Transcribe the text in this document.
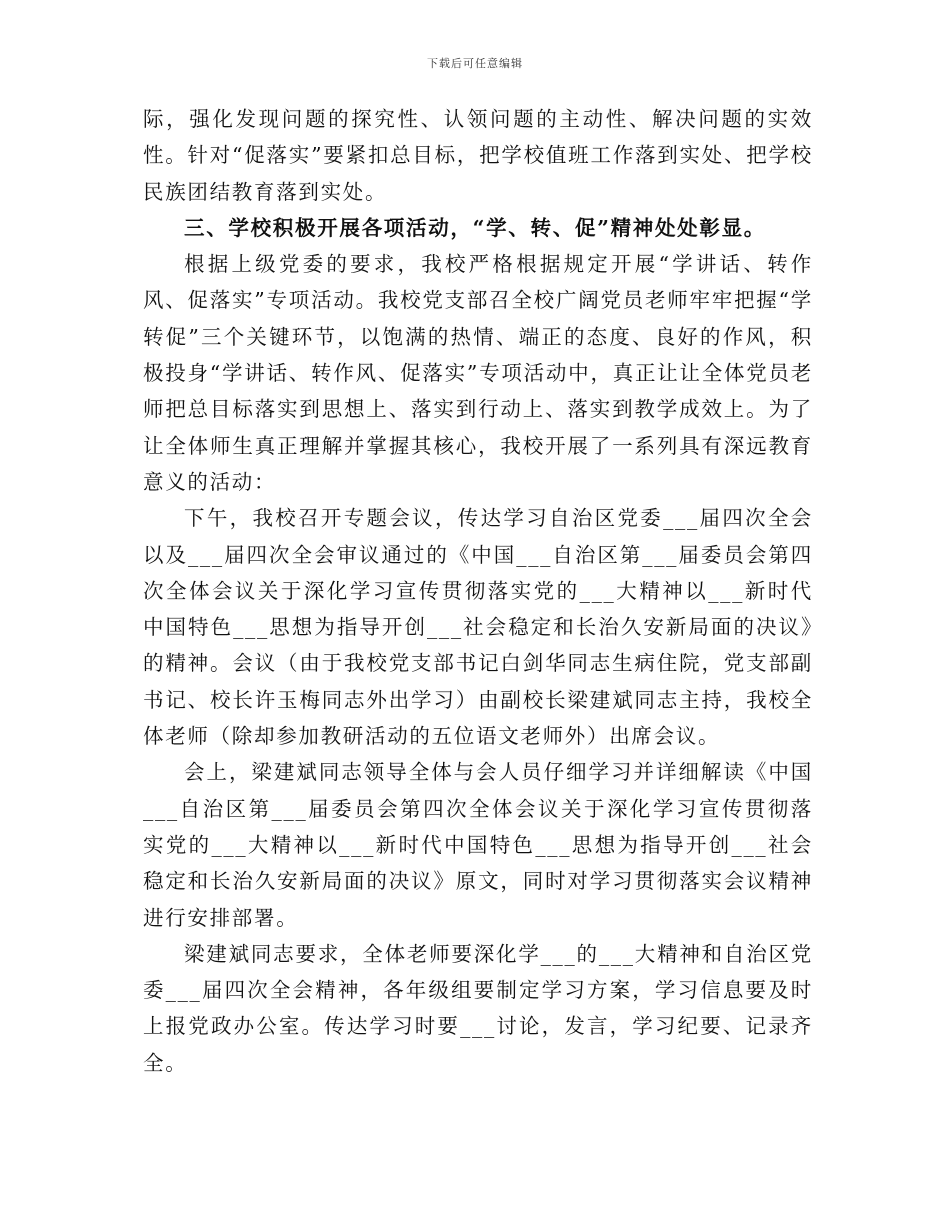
下载后可任意编辑

际，强化发现问题的探究性、认领问题的主动性、解决问题的实效性。针对“促落实”要紧扣总目标，把学校值班工作落到实处、把学校民族团结教育落到实处。

三、学校积极开展各项活动，“学、转、促”精神处处彰显。

根据上级党委的要求，我校严格根据规定开展“学讲话、转作风、促落实”专项活动。我校党支部召全校广阔党员老师牢牢把握“学转促”三个关键环节，以饱满的热情、端正的态度、良好的作风，积极投身“学讲话、转作风、促落实”专项活动中，真正让让全体党员老师把总目标落实到思想上、落实到行动上、落实到教学成效上。为了让全体师生真正理解并掌握其核心，我校开展了一系列具有深远教育意义的活动：

下午，我校召开专题会议，传达学习自治区党委___届四次全会以及___届四次全会审议通过的《中国___自治区第___届委员会第四次全体会议关于深化学习宣传贯彻落实党的___大精神以___新时代中国特色___思想为指导开创___社会稳定和长治久安新局面的决议》的精神。会议（由于我校党支部书记白剑华同志生病住院，党支部副书记、校长许玉梅同志外出学习）由副校长梁建斌同志主持，我校全体老师（除却参加教研活动的五位语文老师外）出席会议。

会上，梁建斌同志领导全体与会人员仔细学习并详细解读《中国___自治区第___届委员会第四次全体会议关于深化学习宣传贯彻落实党的___大精神以___新时代中国特色___思想为指导开创___社会稳定和长治久安新局面的决议》原文，同时对学习贯彻落实会议精神进行安排部署。

梁建斌同志要求，全体老师要深化学___的___大精神和自治区党委___届四次全会精神，各年级组要制定学习方案，学习信息要及时上报党政办公室。传达学习时要___讨论，发言，学习纪要、记录齐全。
